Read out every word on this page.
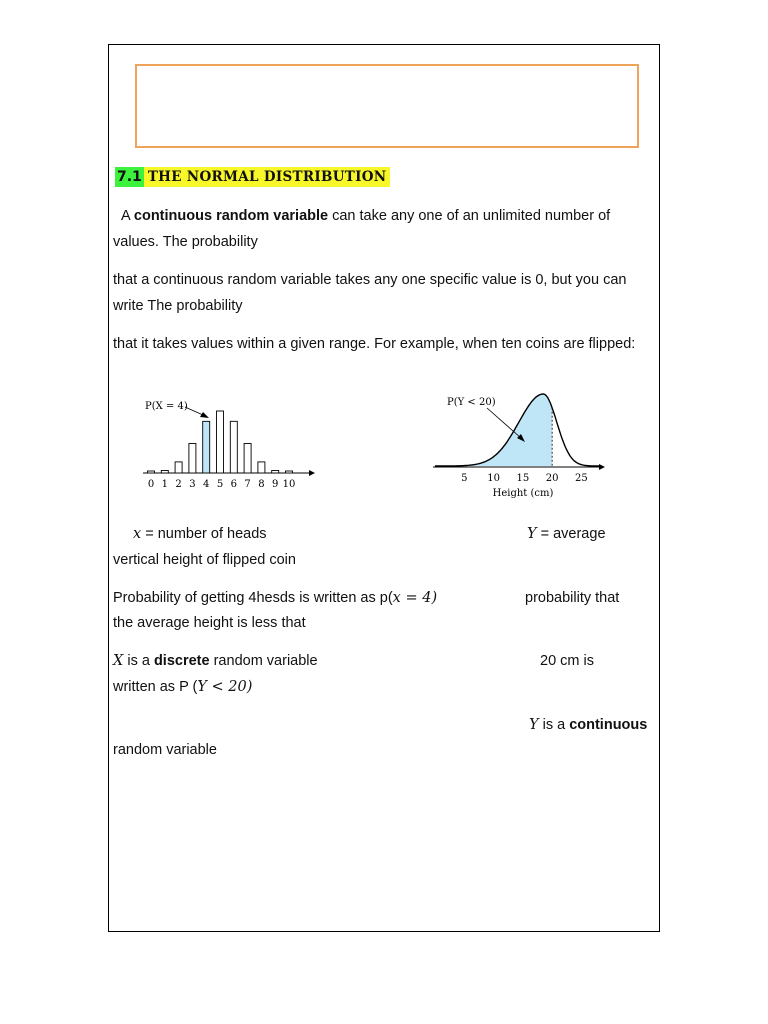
7.1 THE NORMAL DISTRIBUTION
A continuous random variable can take any one of an unlimited number of values. The probability
that a continuous random variable takes any one specific value is 0, but you can write The probability
that it takes values within a given range. For example, when ten coins are flipped:
0 1 2 3 4 5 6 7 8 9 10
P(X = 4)
5 10 15 20 25
Height (cm)
P(Y < 20)
x = number of heads	Y = average
vertical height of flipped coin
Probability of getting 4hesds is written as p(x = 4)	probability that
the average height is less that
X is a discrete random variable	20 cm is
written as P (Y < 20)
Y is a continuous
random variable
